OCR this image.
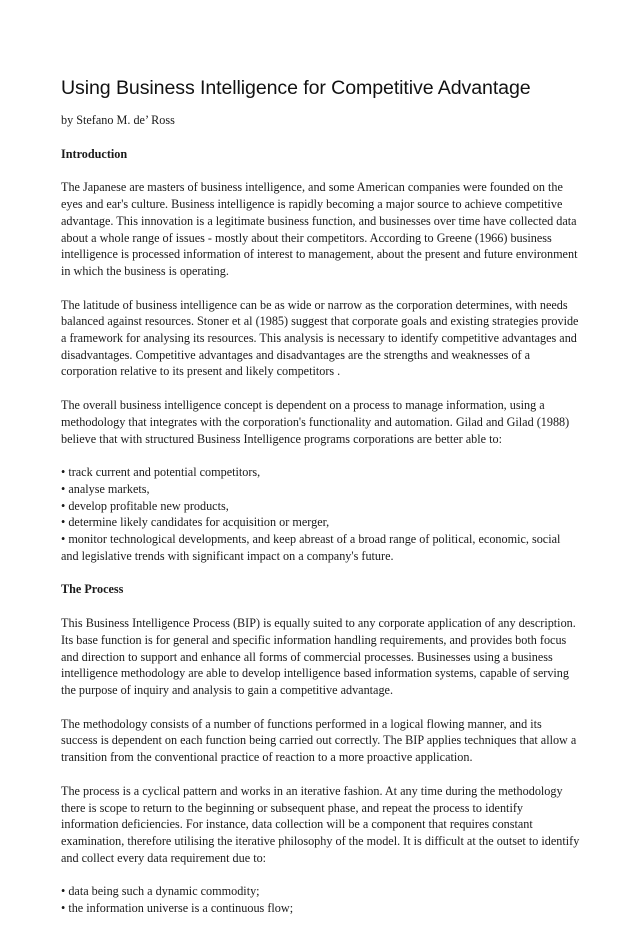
Using Business Intelligence for Competitive Advantage
by Stefano M. de’ Ross
Introduction

The Japanese are masters of business intelligence, and some American companies were founded on the eyes and ear's culture. Business intelligence is rapidly becoming a major source to achieve competitive advantage. This innovation is a legitimate business function, and businesses over time have collected data about a whole range of issues - mostly about their competitors. According to Greene (1966) business intelligence is processed information of interest to management, about the present and future environment in which the business is operating.

The latitude of business intelligence can be as wide or narrow as the corporation determines, with needs balanced against resources. Stoner et al (1985) suggest that corporate goals and existing strategies provide a framework for analysing its resources. This analysis is necessary to identify competitive advantages and disadvantages. Competitive advantages and disadvantages are the strengths and weaknesses of a corporation relative to its present and likely competitors .

The overall business intelligence concept is dependent on a process to manage information, using a methodology that integrates with the corporation's functionality and automation. Gilad and Gilad (1988) believe that with structured Business Intelligence programs corporations are better able to:

• track current and potential competitors,
• analyse markets,
• develop profitable new products,
• determine likely candidates for acquisition or merger,
• monitor technological developments, and keep abreast of a broad range of political, economic, social and legislative trends with significant impact on a company's future.
The Process

This Business Intelligence Process (BIP) is equally suited to any corporate application of any description. Its base function is for general and specific information handling requirements, and provides both focus and direction to support and enhance all forms of commercial processes. Businesses using a business intelligence methodology are able to develop intelligence based information systems, capable of serving the purpose of inquiry and analysis to gain a competitive advantage.

The methodology consists of a number of functions performed in a logical flowing manner, and its success is dependent on each function being carried out correctly. The BIP applies techniques that allow a transition from the conventional practice of reaction to a more proactive application.

The process is a cyclical pattern and works in an iterative fashion. At any time during the methodology there is scope to return to the beginning or subsequent phase, and repeat the process to identify information deficiencies. For instance, data collection will be a component that requires constant examination, therefore utilising the iterative philosophy of the model. It is difficult at the outset to identify and collect every data requirement due to:

• data being such a dynamic commodity;
• the information universe is a continuous flow;
